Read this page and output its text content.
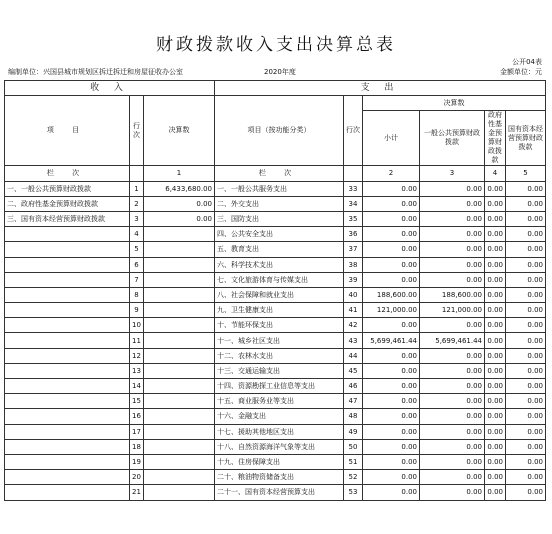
财政拨款收入支出决算总表
公开04表
编制单位：兴国县城市规划区拆迁拆迁和房屋征收办公室	2020年度	金额单位：元
收 入			支 出					
项 目	行次	决算数	项目（按功能分类）	行次	决算数			
					小计	一般公共预算财政拨款	政府性基金预算财政拨款	国有资本经营预算财政拨款

栏 次		1	栏 次		2	3	4	5
一、一般公共预算财政拨款	1	6,433,680.00	一、一般公共服务支出	33	0.00	0.00	0.00	0.00
二、政府性基金预算财政拨款	2	0.00	二、外交支出	34	0.00	0.00	0.00	0.00
三、国有资本经营预算财政拨款	3	0.00	三、国防支出	35	0.00	0.00	0.00	0.00
	4		四、公共安全支出	36	0.00	0.00	0.00	0.00
	5		五、教育支出	37	0.00	0.00	0.00	0.00
	6		六、科学技术支出	38	0.00	0.00	0.00	0.00
	7		七、文化旅游体育与传媒支出	39	0.00	0.00	0.00	0.00
	8		八、社会保障和就业支出	40	188,600.00	188,600.00	0.00	0.00
	9		九、卫生健康支出	41	121,000.00	121,000.00	0.00	0.00
	10		十、节能环保支出	42	0.00	0.00	0.00	0.00
	11		十一、城乡社区支出	43	5,699,461.44	5,699,461.44	0.00	0.00
	12		十二、农林水支出	44	0.00	0.00	0.00	0.00
	13		十三、交通运输支出	45	0.00	0.00	0.00	0.00
	14		十四、资源勘探工业信息等支出	46	0.00	0.00	0.00	0.00
	15		十五、商业服务业等支出	47	0.00	0.00	0.00	0.00
	16		十六、金融支出	48	0.00	0.00	0.00	0.00
	17		十七、援助其他地区支出	49	0.00	0.00	0.00	0.00
	18		十八、自然资源海洋气象等支出	50	0.00	0.00	0.00	0.00
	19		十九、住房保障支出	51	0.00	0.00	0.00	0.00
	20		二十、粮油物资储备支出	52	0.00	0.00	0.00	0.00
	21		二十一、国有资本经营预算支出	53	0.00	0.00	0.00	0.00
